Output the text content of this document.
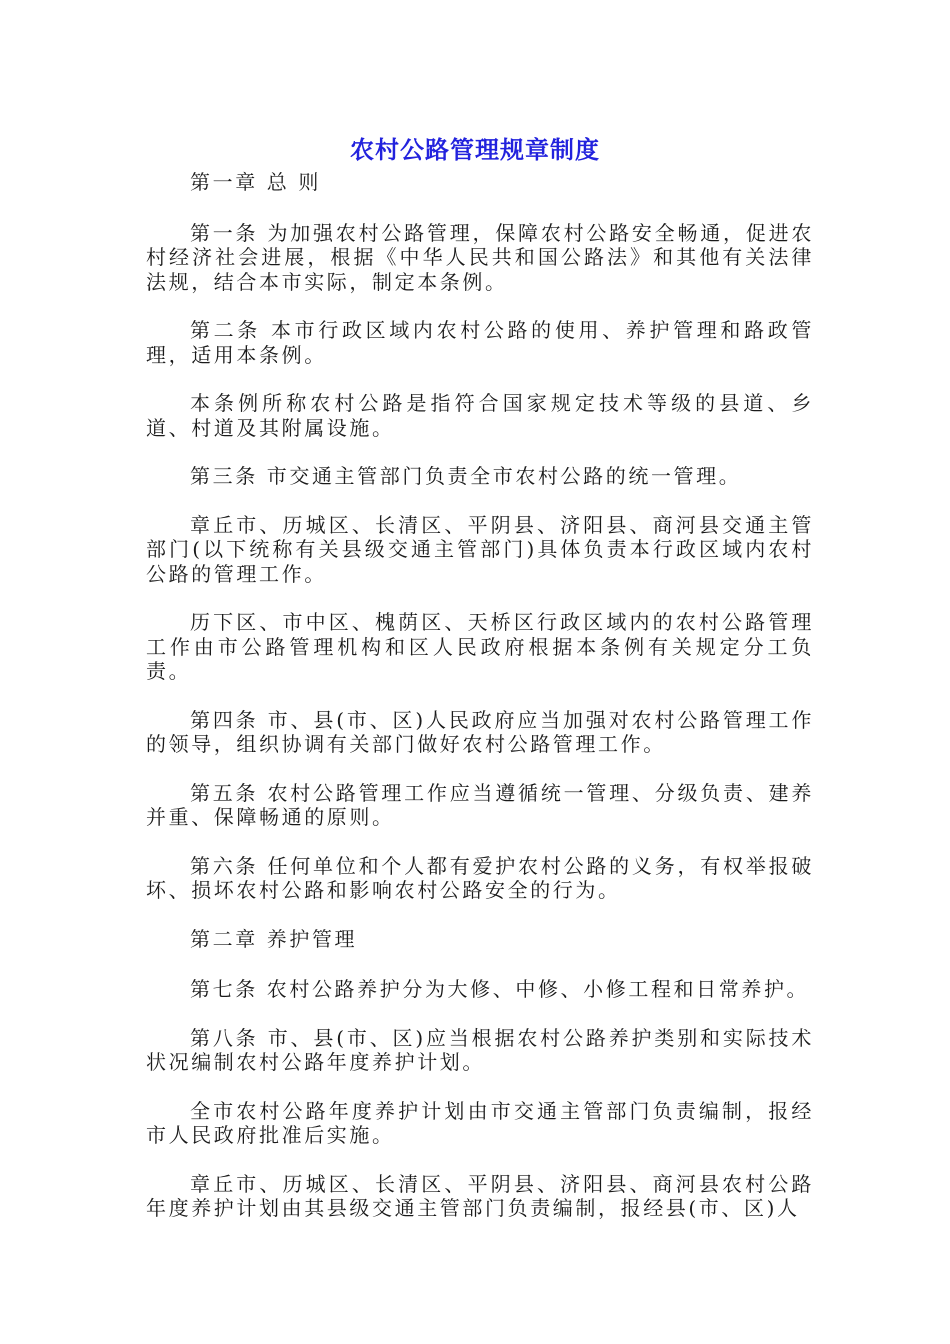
农村公路管理规章制度

第一章 总 则

第一条 为加强农村公路管理，保障农村公路安全畅通，促进农村经济社会进展，根据《中华人民共和国公路法》和其他有关法律法规，结合本市实际，制定本条例。

第二条 本市行政区域内农村公路的使用、养护管理和路政管理，适用本条例。

本条例所称农村公路是指符合国家规定技术等级的县道、乡道、村道及其附属设施。

第三条 市交通主管部门负责全市农村公路的统一管理。

章丘市、历城区、长清区、平阴县、济阳县、商河县交通主管部门(以下统称有关县级交通主管部门)具体负责本行政区域内农村公路的管理工作。

历下区、市中区、槐荫区、天桥区行政区域内的农村公路管理工作由市公路管理机构和区人民政府根据本条例有关规定分工负责。

第四条 市、县(市、区)人民政府应当加强对农村公路管理工作的领导，组织协调有关部门做好农村公路管理工作。

第五条 农村公路管理工作应当遵循统一管理、分级负责、建养并重、保障畅通的原则。

第六条 任何单位和个人都有爱护农村公路的义务，有权举报破坏、损坏农村公路和影响农村公路安全的行为。

第二章 养护管理

第七条 农村公路养护分为大修、中修、小修工程和日常养护。

第八条 市、县(市、区)应当根据农村公路养护类别和实际技术状况编制农村公路年度养护计划。

全市农村公路年度养护计划由市交通主管部门负责编制，报经市人民政府批准后实施。

章丘市、历城区、长清区、平阴县、济阳县、商河县农村公路年度养护计划由其县级交通主管部门负责编制，报经县(市、区)人
